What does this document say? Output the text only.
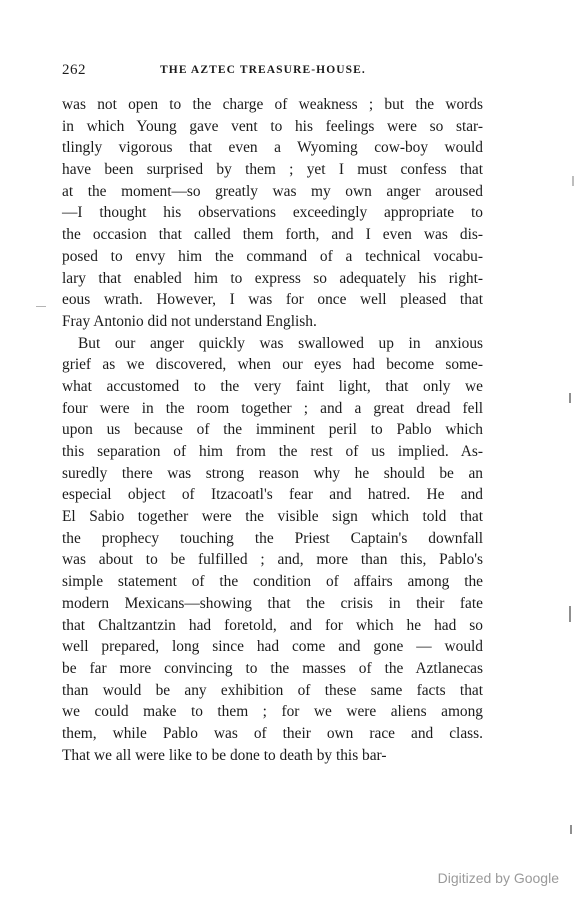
262	THE AZTEC TREASURE-HOUSE.
was not open to the charge of weakness ; but the words
in which Young gave vent to his feelings were so star-
tlingly vigorous that even a Wyoming cow-boy would
have been surprised by them ; yet I must confess that
at the moment—so greatly was my own anger aroused
—I thought his observations exceedingly appropriate to
the occasion that called them forth, and I even was dis-
posed to envy him the command of a technical vocabu-
lary that enabled him to express so adequately his right-
eous wrath. However, I was for once well pleased that
Fray Antonio did not understand English.
But our anger quickly was swallowed up in anxious
grief as we discovered, when our eyes had become some-
what accustomed to the very faint light, that only we
four were in the room together ; and a great dread fell
upon us because of the imminent peril to Pablo which
this separation of him from the rest of us implied. As-
suredly there was strong reason why he should be an
especial object of Itzacoatl's fear and hatred. He and
El Sabio together were the visible sign which told that
the prophecy touching the Priest Captain's downfall
was about to be fulfilled ; and, more than this, Pablo's
simple statement of the condition of affairs among the
modern Mexicans—showing that the crisis in their fate
that Chaltzantzin had foretold, and for which he had so
well prepared, long since had come and gone — would
be far more convincing to the masses of the Aztlanecas
than would be any exhibition of these same facts that
we could make to them ; for we were aliens among
them, while Pablo was of their own race and class.
That we all were like to be done to death by this bar-
Digitized by Google
